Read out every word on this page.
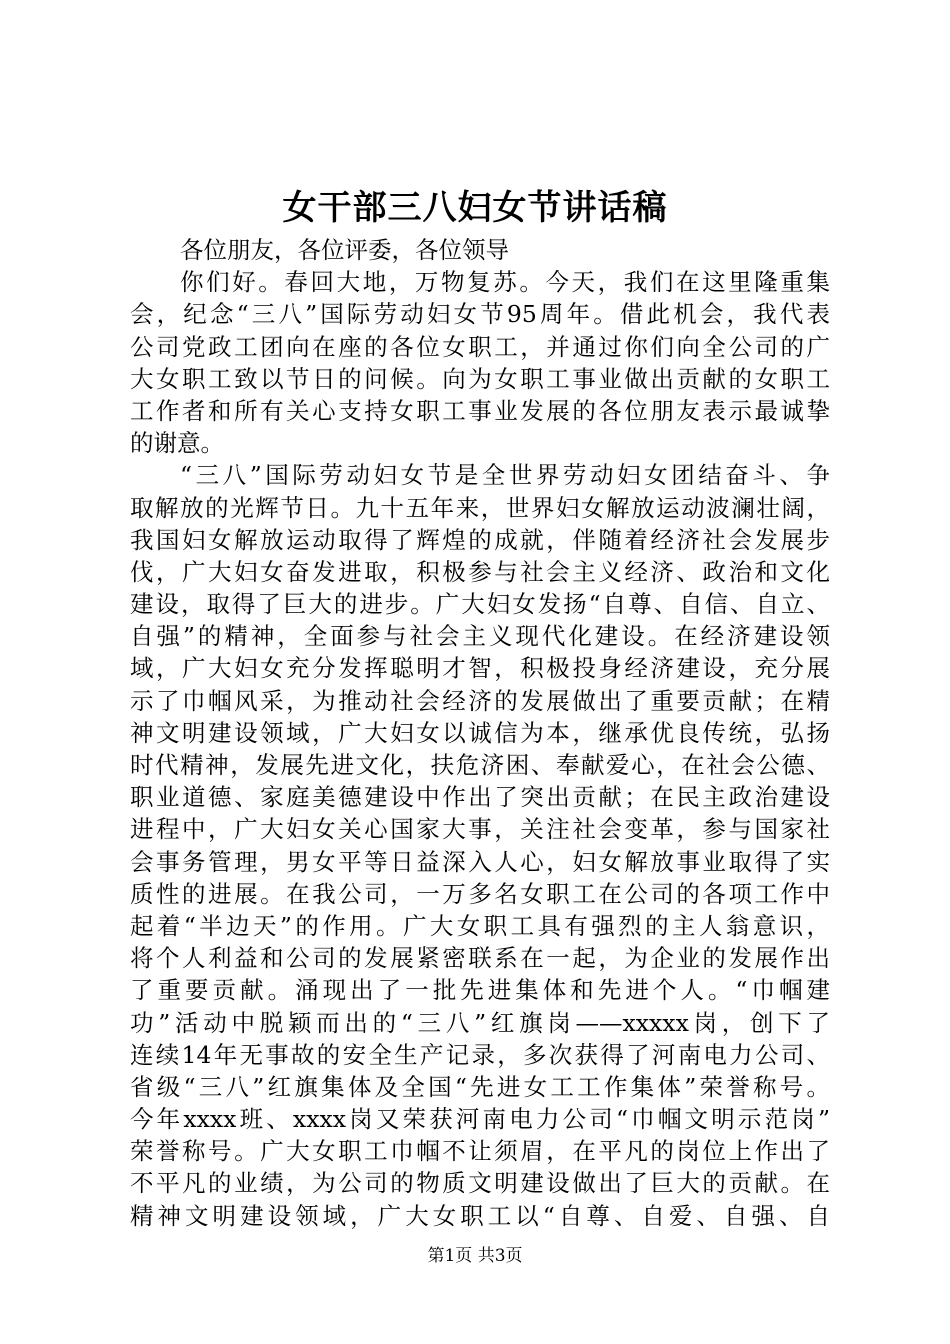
女干部三八妇女节讲话稿
各位朋友，各位评委，各位领导
你们好。春回大地，万物复苏。今天，我们在这里隆重集
会，纪念“三八”国际劳动妇女节95周年。借此机会，我代表
公司党政工团向在座的各位女职工，并通过你们向全公司的广
大女职工致以节日的问候。向为女职工事业做出贡献的女职工
工作者和所有关心支持女职工事业发展的各位朋友表示最诚挚
的谢意。
“三八”国际劳动妇女节是全世界劳动妇女团结奋斗、争
取解放的光辉节日。九十五年来，世界妇女解放运动波澜壮阔，
我国妇女解放运动取得了辉煌的成就，伴随着经济社会发展步
伐，广大妇女奋发进取，积极参与社会主义经济、政治和文化
建设，取得了巨大的进步。广大妇女发扬“自尊、自信、自立、
自强”的精神，全面参与社会主义现代化建设。在经济建设领
域，广大妇女充分发挥聪明才智，积极投身经济建设，充分展
示了巾帼风采，为推动社会经济的发展做出了重要贡献；在精
神文明建设领域，广大妇女以诚信为本，继承优良传统，弘扬
时代精神，发展先进文化，扶危济困、奉献爱心，在社会公德、
职业道德、家庭美德建设中作出了突出贡献；在民主政治建设
进程中，广大妇女关心国家大事，关注社会变革，参与国家社
会事务管理，男女平等日益深入人心，妇女解放事业取得了实
质性的进展。在我公司，一万多名女职工在公司的各项工作中
起着“半边天”的作用。广大女职工具有强烈的主人翁意识，
将个人利益和公司的发展紧密联系在一起，为企业的发展作出
了重要贡献。涌现出了一批先进集体和先进个人。“巾帼建
功”活动中脱颖而出的“三八”红旗岗——xxxxx岗，创下了
连续14年无事故的安全生产记录，多次获得了河南电力公司、
省级“三八”红旗集体及全国“先进女工工作集体”荣誉称号。
今年xxxx班、xxxx岗又荣获河南电力公司“巾帼文明示范岗”
荣誉称号。广大女职工巾帼不让须眉，在平凡的岗位上作出了
不平凡的业绩，为公司的物质文明建设做出了巨大的贡献。在
精神文明建设领域，广大女职工以“自尊、自爱、自强、自
第1页 共3页
